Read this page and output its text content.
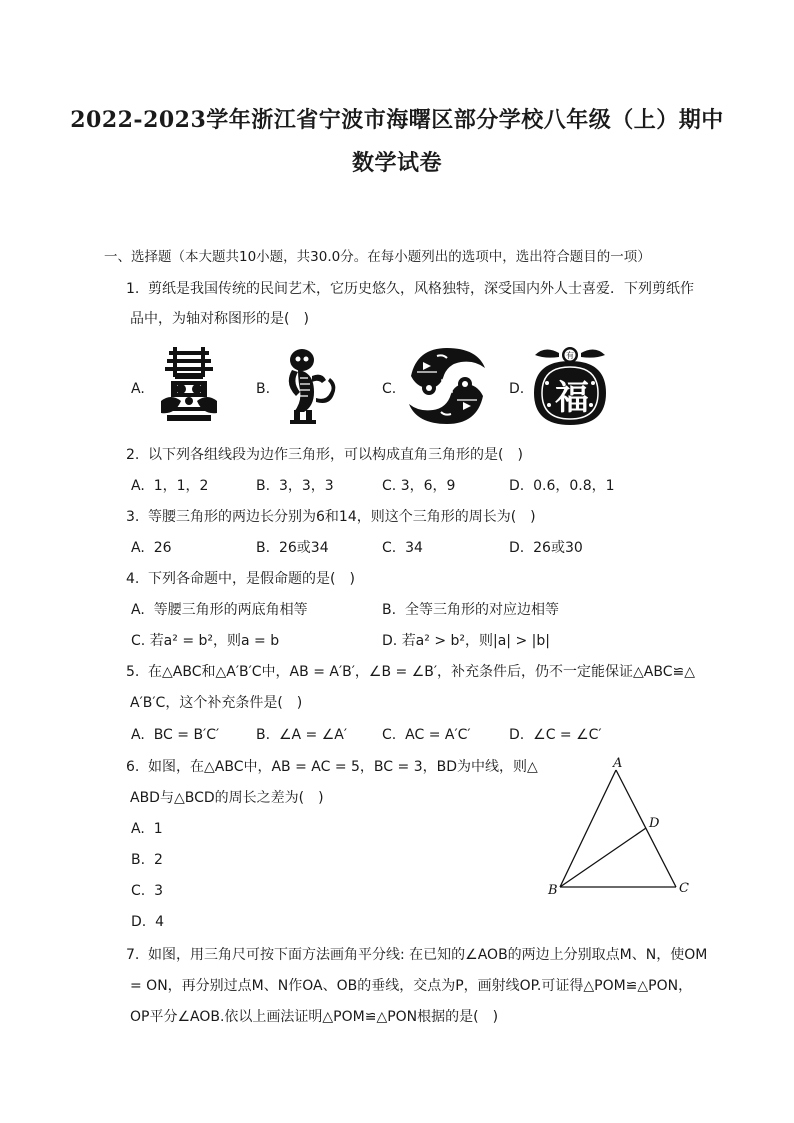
2022-2023学年浙江省宁波市海曙区部分学校八年级（上）期中
数学试卷
一、选择题（本大题共10小题，共30.0分。在每小题列出的选项中，选出符合题目的一项）
1. 剪纸是我国传统的民间艺术，它历史悠久，风格独特，深受国内外人士喜爱．下列剪纸作
品中，为轴对称图形的是(　)
A.	B.	C.	D.
有
福
2. 以下列各组线段为边作三角形，可以构成直角三角形的是(　)
A. 1，1，2	B. 3，3，3	C. 3，6，9	D. 0.6，0.8，1
3. 等腰三角形的两边长分别为6和14，则这个三角形的周长为(　)
A. 26	B. 26或34	C. 34	D. 26或30
4. 下列各命题中，是假命题的是(　)
A. 等腰三角形的两底角相等	B. 全等三角形的对应边相等
C. 若a² = b²，则a = b	D. 若a² > b²，则|a| > |b|
5. 在△ABC和△A′B′C中，AB = A′B′，∠B = ∠B′，补充条件后，仍不一定能保证△ABC≌△
A′B′C，这个补充条件是(　)
A. BC = B′C′	B. ∠A = ∠A′ C. AC = A′C′	D. ∠C = ∠C′
6. 如图，在△ABC中，AB = AC = 5，BC = 3，BD为中线，则△
ABD与△BCD的周长之差为(　)
A. 1
B. 2
C. 3
D. 4
A
D
B	C
7. 如图，用三角尺可按下面方法画角平分线: 在已知的∠AOB的两边上分别取点M、N，使OM
= ON，再分别过点M、N作OA、OB的垂线，交点为P，画射线OP.可证得△POM≌△PON，
OP平分∠AOB.依以上画法证明△POM≌△PON根据的是(　)
